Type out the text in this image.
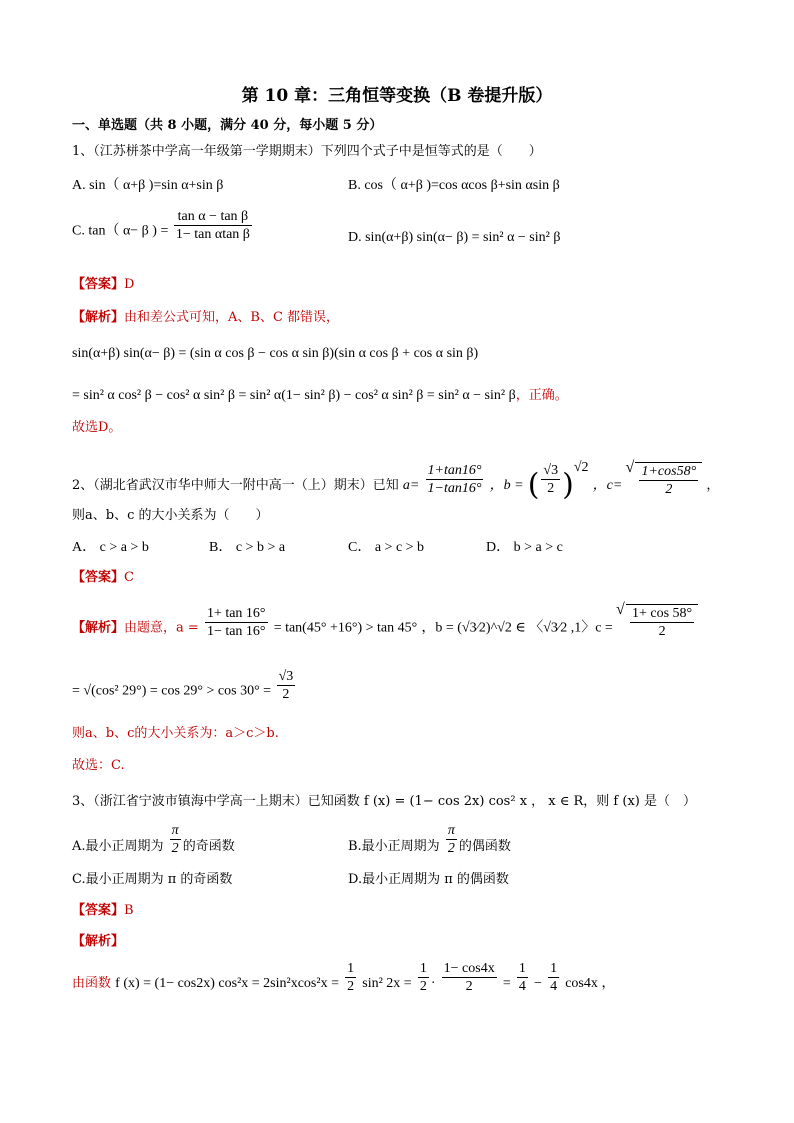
第 10 章：三角恒等变换（B 卷提升版）
一、单选题（共 8 小题，满分 40 分，每小题 5 分）
1、（江苏栟茶中学高一年级第一学期期末）下列四个式子中是恒等式的是（　　）
A. sin（ α+β )=sin α+sin β	B. cos（ α+β )=cos αcos β+sin αsin β
C. tan（ α− β ) = $\frac{\text{tan α − tan β}}{\text{1− tan αtan β}}$	D. sin(α+β) sin(α− β) = sin² α − sin² β
【答案】D
【解析】由和差公式可知，A、B、C 都错误，
sin(α+β) sin(α− β) = (sin α cos β − cos α sin β)(sin α cos β + cos α sin β)
= sin² α cos² β − cos² α sin² β = sin² α(1− sin² β) − cos² α sin² β = sin² α − sin² β，正确。
故选D。
2、（湖北省武汉市华中师大一附中高一（上）期末）已知 $a= \frac{1+\tan 16^\circ}{1-\tan 16^\circ}$ ，b = ( $\frac{√3}{2} )^{√2}$ ，c= √ $\frac{1+\cos 58^\circ}{2}$ ，
则a、b、c 的大小关系为（　　）
A． c > a > b	B． c > b > a	C． a > c > b	D． b > a > c
【答案】C
【解析】由题意，$a = \frac{1+ \tan 16^\circ}{1- \tan 16^\circ} = \tan(45^\circ +16^\circ) > \tan 45^\circ$ ，b = (√3⁄2)^√2 ∈ 〈√3⁄2 ,1〉c = √ $\frac{1+ \cos 58^\circ}{2}$
= √(cos² $29^\circ) = \cos 29^\circ > \cos 30^\circ = \frac{√3}{2}$
则a、b、c的大小关系为：a＞c＞b.
故选：C.
3、（浙江省宁波市镇海中学高一上期末）已知函数 f (x) = (1− cos 2x) cos² x ， x ∈ R，则 f (x) 是（　）
A.最小正周期为 $\frac{\pi}{2}$ 的奇函数	B.最小正周期为 $\frac{\pi}{2}$ 的偶函数
C.最小正周期为 π 的奇函数	D.最小正周期为 π 的偶函数
【答案】B
【解析】
由函数 f (x) = (1− cos2x) $\cos^2x = 2\sin^2xcos^2x = \frac{1}{2} \sin^2$ $2x = \frac{1}{2} \cdot \frac{1- \cos 4x}{2} = \frac{1}{4} - \frac{1}{4} \cos 4x$ ，
